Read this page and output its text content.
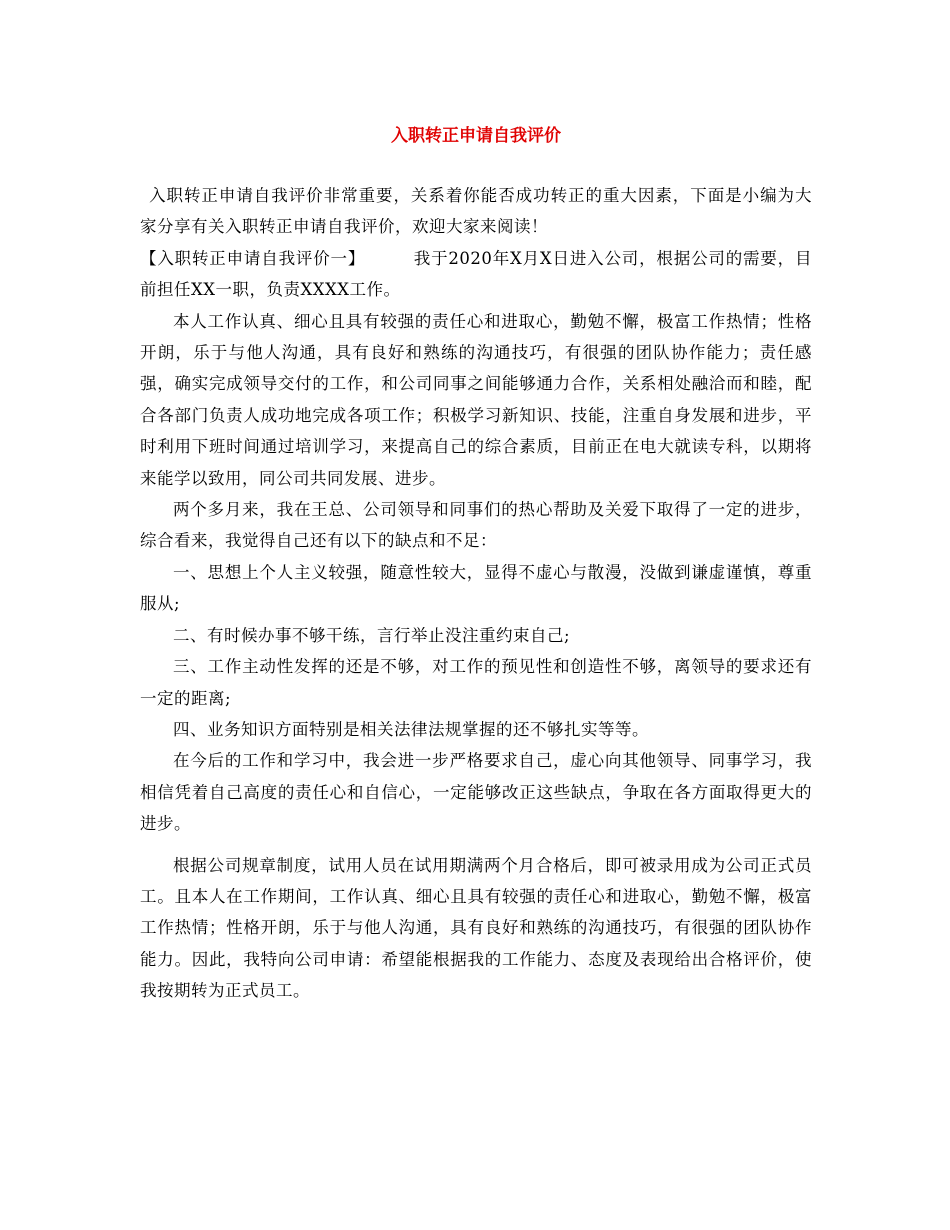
入职转正申请自我评价

入职转正申请自我评价非常重要，关系着你能否成功转正的重大因素，下面是小编为大家分享有关入职转正申请自我评价，欢迎大家来阅读！

【入职转正申请自我评价一】	我于2020年X月X日进入公司，根据公司的需要，目前担任XX一职，负责XXXX工作。

本人工作认真、细心且具有较强的责任心和进取心，勤勉不懈，极富工作热情；性格开朗，乐于与他人沟通，具有良好和熟练的沟通技巧，有很强的团队协作能力；责任感强，确实完成领导交付的工作，和公司同事之间能够通力合作，关系相处融洽而和睦，配合各部门负责人成功地完成各项工作；积极学习新知识、技能，注重自身发展和进步，平时利用下班时间通过培训学习，来提高自己的综合素质，目前正在电大就读专科，以期将来能学以致用，同公司共同发展、进步。

两个多月来，我在王总、公司领导和同事们的热心帮助及关爱下取得了一定的进步，综合看来，我觉得自己还有以下的缺点和不足：

一、思想上个人主义较强，随意性较大，显得不虚心与散漫，没做到谦虚谨慎，尊重服从;

二、有时候办事不够干练，言行举止没注重约束自己;

三、工作主动性发挥的还是不够，对工作的预见性和创造性不够，离领导的要求还有一定的距离;

四、业务知识方面特别是相关法律法规掌握的还不够扎实等等。

在今后的工作和学习中，我会进一步严格要求自己，虚心向其他领导、同事学习，我相信凭着自己高度的责任心和自信心，一定能够改正这些缺点，争取在各方面取得更大的进步。

根据公司规章制度，试用人员在试用期满两个月合格后，即可被录用成为公司正式员工。且本人在工作期间，工作认真、细心且具有较强的责任心和进取心，勤勉不懈，极富工作热情；性格开朗，乐于与他人沟通，具有良好和熟练的沟通技巧，有很强的团队协作能力。因此，我特向公司申请：希望能根据我的工作能力、态度及表现给出合格评价，使我按期转为正式员工。
